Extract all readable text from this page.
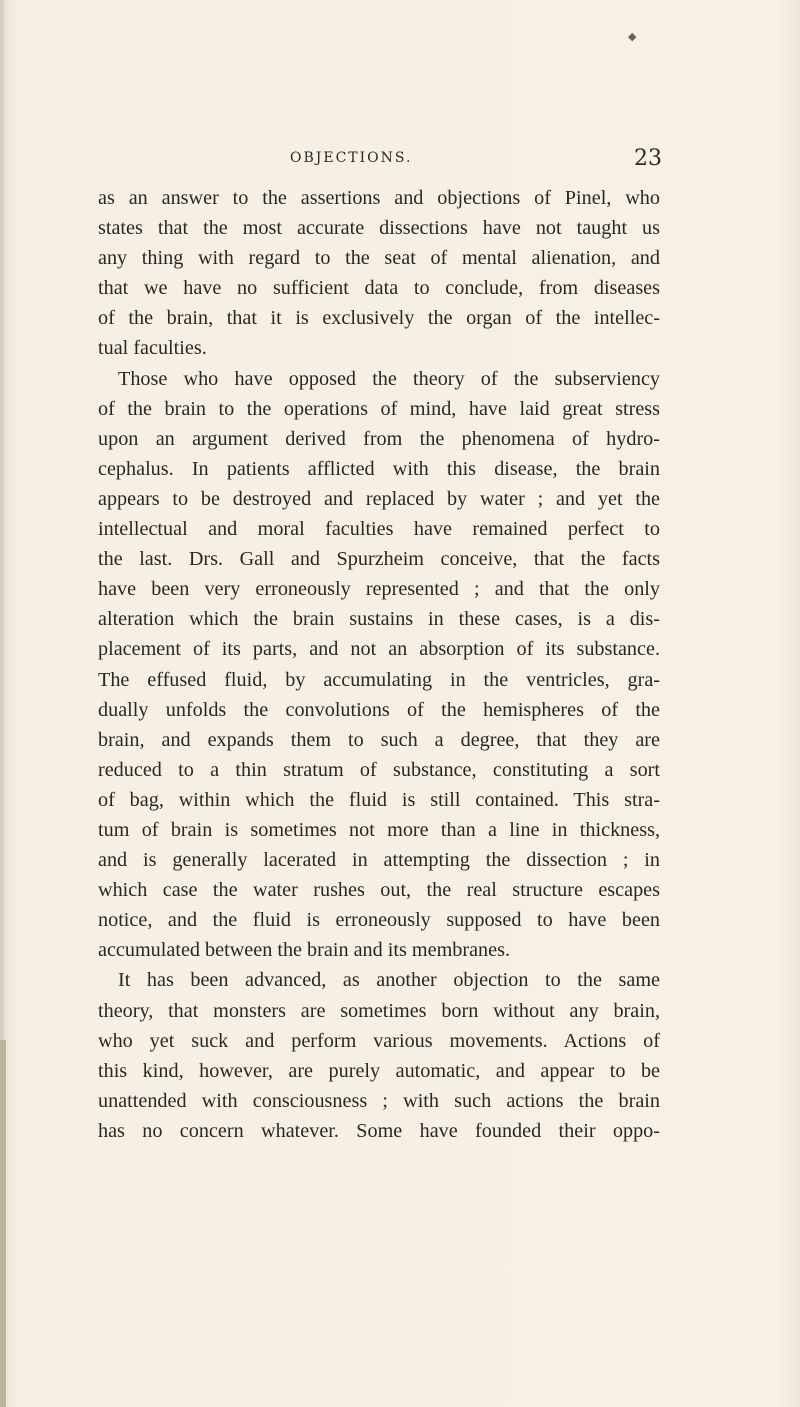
◆
OBJECTIONS.	23
as an answer to the assertions and objections of Pinel, who
states that the most accurate dissections have not taught us
any thing with regard to the seat of mental alienation, and
that we have no sufficient data to conclude, from diseases
of the brain, that it is exclusively the organ of the intellec-
tual faculties.
Those who have opposed the theory of the subserviency
of the brain to the operations of mind, have laid great stress
upon an argument derived from the phenomena of hydro-
cephalus. In patients afflicted with this disease, the brain
appears to be destroyed and replaced by water ; and yet the
intellectual and moral faculties have remained perfect to
the last. Drs. Gall and Spurzheim conceive, that the facts
have been very erroneously represented ; and that the only
alteration which the brain sustains in these cases, is a dis-
placement of its parts, and not an absorption of its substance.
The effused fluid, by accumulating in the ventricles, gra-
dually unfolds the convolutions of the hemispheres of the
brain, and expands them to such a degree, that they are
reduced to a thin stratum of substance, constituting a sort
of bag, within which the fluid is still contained. This stra-
tum of brain is sometimes not more than a line in thickness,
and is generally lacerated in attempting the dissection ; in
which case the water rushes out, the real structure escapes
notice, and the fluid is erroneously supposed to have been
accumulated between the brain and its membranes.
It has been advanced, as another objection to the same
theory, that monsters are sometimes born without any brain,
who yet suck and perform various movements. Actions of
this kind, however, are purely automatic, and appear to be
unattended with consciousness ; with such actions the brain
has no concern whatever. Some have founded their oppo-
